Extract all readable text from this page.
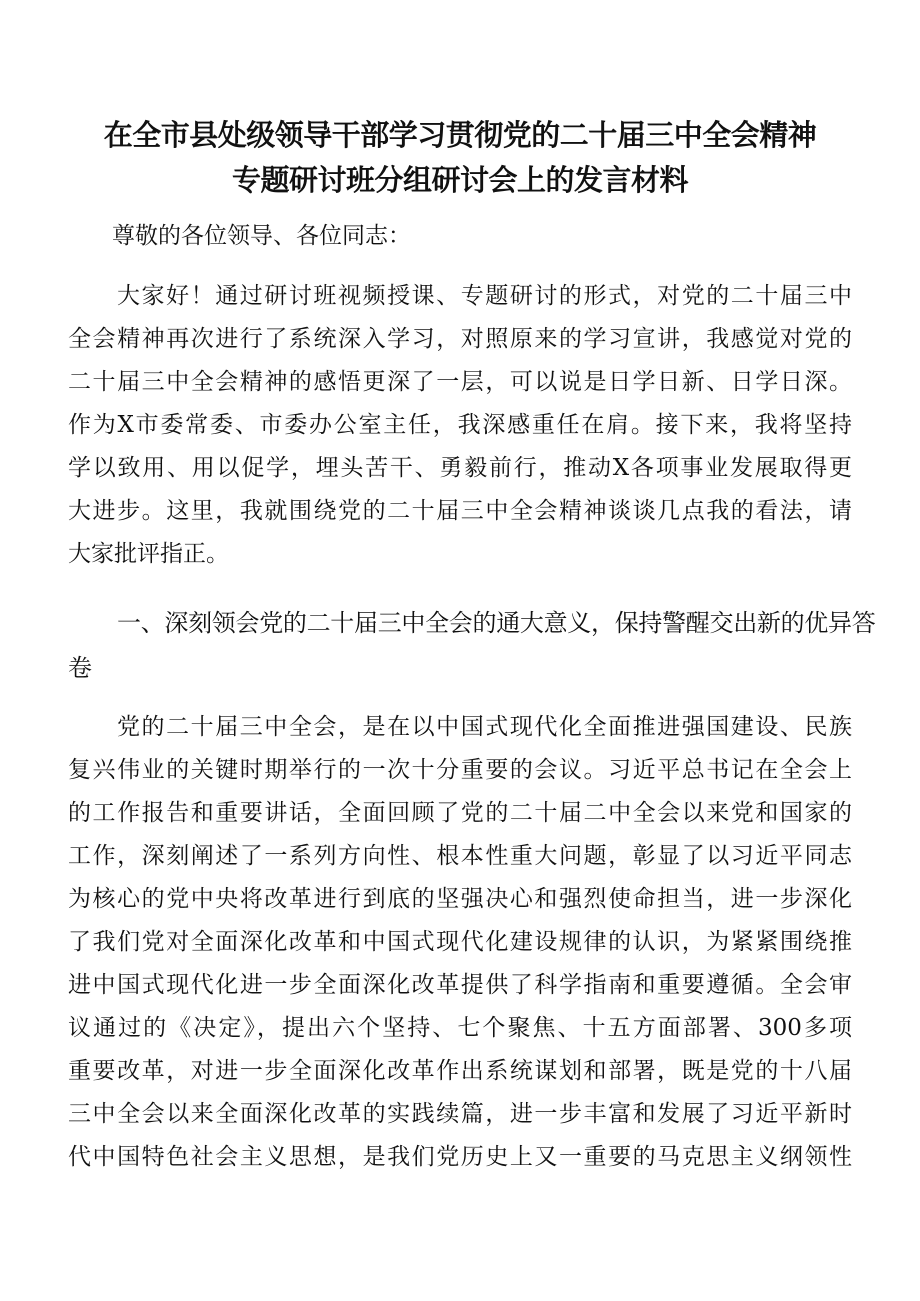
在全市县处级领导干部学习贯彻党的二十届三中全会精神
专题研讨班分组研讨会上的发言材料
尊敬的各位领导、各位同志：
大家好！通过研讨班视频授课、专题研讨的形式，对党的二十届三中
全会精神再次进行了系统深入学习，对照原来的学习宣讲，我感觉对党的
二十届三中全会精神的感悟更深了一层，可以说是日学日新、日学日深。
作为X市委常委、市委办公室主任，我深感重任在肩。接下来，我将坚持
学以致用、用以促学，埋头苦干、勇毅前行，推动X各项事业发展取得更
大进步。这里，我就围绕党的二十届三中全会精神谈谈几点我的看法，请
大家批评指正。
一、深刻领会党的二十届三中全会的通大意义，保持警醒交出新的优异答
卷
党的二十届三中全会，是在以中国式现代化全面推进强国建设、民族
复兴伟业的关键时期举行的一次十分重要的会议。习近平总书记在全会上
的工作报告和重要讲话，全面回顾了党的二十届二中全会以来党和国家的
工作，深刻阐述了一系列方向性、根本性重大问题，彰显了以习近平同志
为核心的党中央将改革进行到底的坚强决心和强烈使命担当，进一步深化
了我们党对全面深化改革和中国式现代化建设规律的认识，为紧紧围绕推
进中国式现代化进一步全面深化改革提供了科学指南和重要遵循。全会审
议通过的《决定》，提出六个坚持、七个聚焦、十五方面部署、300多项
重要改革，对进一步全面深化改革作出系统谋划和部署，既是党的十八届
三中全会以来全面深化改革的实践续篇，进一步丰富和发展了习近平新时
代中国特色社会主义思想，是我们党历史上又一重要的马克思主义纲领性
